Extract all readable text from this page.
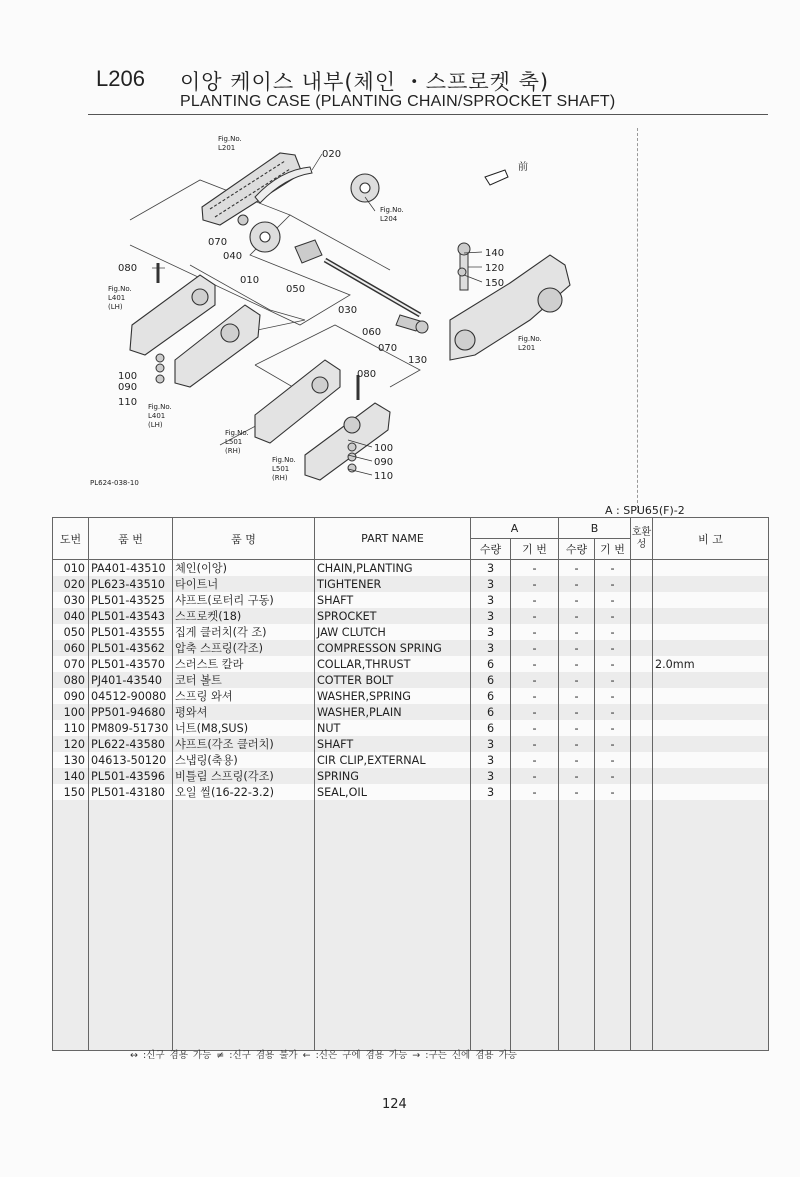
L206 이앙 케이스 내부(체인 ・스프로켓 축)
PLANTING CASE (PLANTING CHAIN/SPROCKET SHAFT)
前
020
070
040
010
050
030
060
070
130
140
120
150
080
100
090
110
080
100
090
110
Fig.No.
L201
Fig.No.
L204
Fig.No.
L401
(LH)
Fig.No.
L401
(LH)
Fig.No.
L501
(RH)
Fig.No.
L501
(RH)
Fig.No.
L201
PL624-038-10
A : SPU65(F)-2
도번	품 번	품 명	PART NAME	A		B		호환성	비 고
				수량	기 번	수량	기 번		
010	PA401-43510	체인(이앙)	CHAIN,PLANTING	3	-	-	-		
020	PL623-43510	타이트너	TIGHTENER	3	-	-	-		
030	PL501-43525	샤프트(로터리 구동)	SHAFT	3	-	-	-		
040	PL501-43543	스프로켓(18)	SPROCKET	3	-	-	-		
050	PL501-43555	집게 클러치(각 조)	JAW CLUTCH	3	-	-	-		
060	PL501-43562	압축 스프링(각조)	COMPRESSON SPRING	3	-	-	-		
070	PL501-43570	스러스트 칼라	COLLAR,THRUST	6	-	-	-		2.0mm
080	PJ401-43540	코터 볼트	COTTER BOLT	6	-	-	-		
090	04512-90080	스프링 와셔	WASHER,SPRING	6	-	-	-		
100	PP501-94680	평와셔	WASHER,PLAIN	6	-	-	-		
110	PM809-51730	너트(M8,SUS)	NUT	6	-	-	-		
120	PL622-43580	샤프트(각조 클러치)	SHAFT	3	-	-	-		
130	04613-50120	스냅링(축용)	CIR CLIP,EXTERNAL	3	-	-	-		
140	PL501-43596	비틀림 스프링(각조)	SPRING	3	-	-	-		
150	PL501-43180	오일 씰(16-22-3.2)	SEAL,OIL	3	-	-	-		

↔ :신구 겸용 가능 ≠ :신구 겸용 불가 ← :신은 구에 겸용 가능 → :구는 신에 겸용 가능
124
